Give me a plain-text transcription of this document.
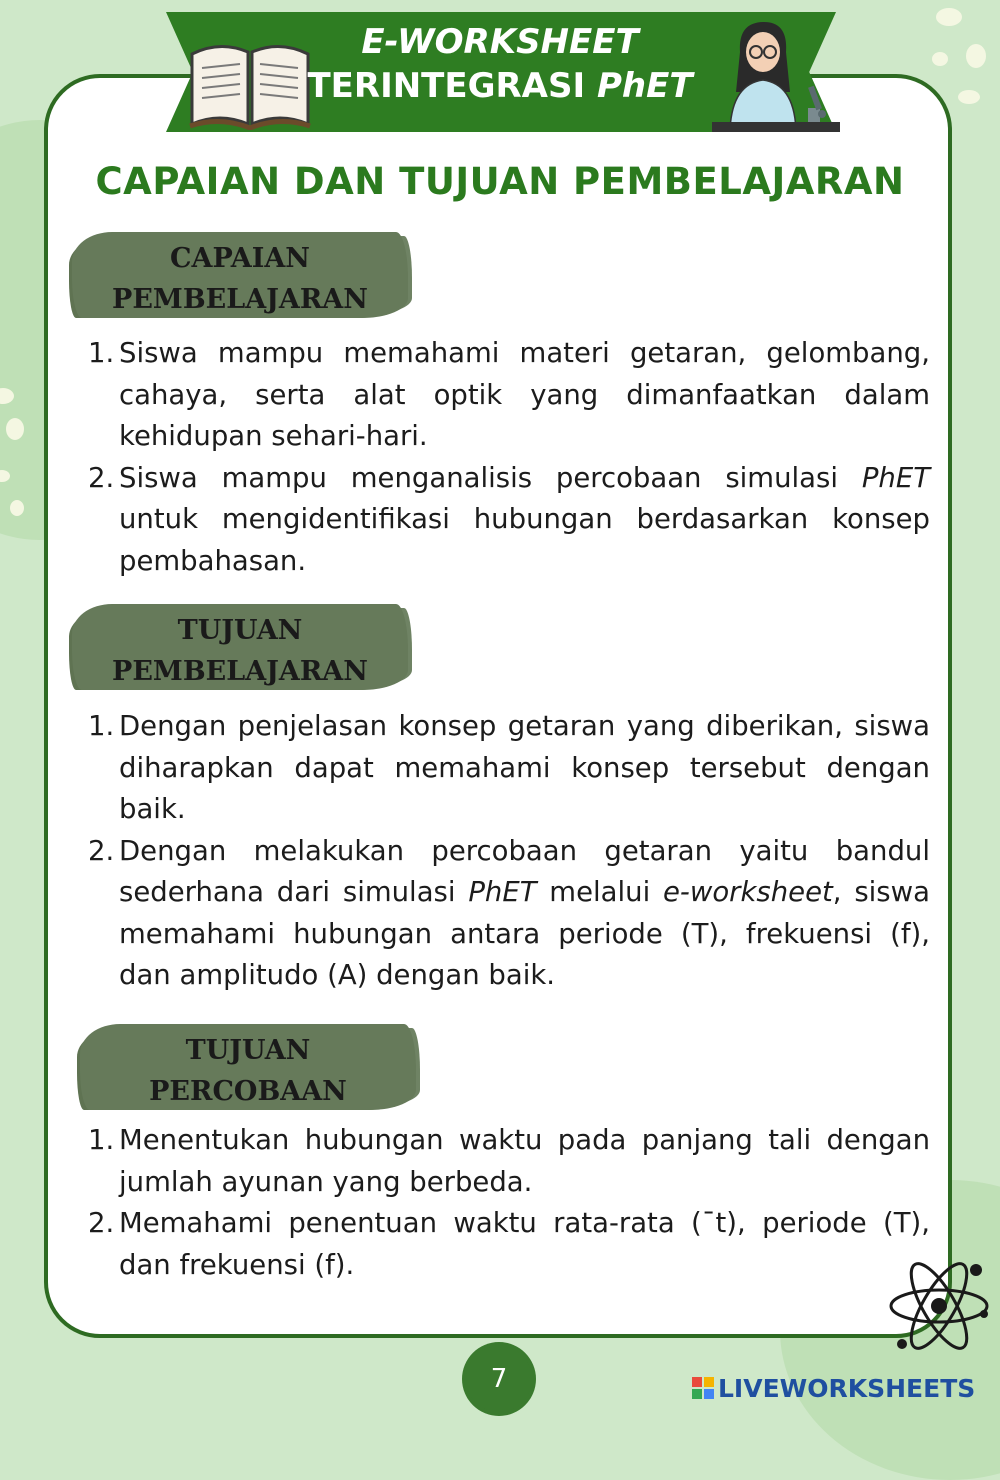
E-WORKSHEET
TERINTEGRASI PhET
CAPAIAN DAN TUJUAN PEMBELAJARAN
CAPAIAN
PEMBELAJARAN
1. Siswa mampu memahami materi getaran, gelombang, cahaya, serta alat optik yang dimanfaatkan dalam kehidupan sehari-hari.
2. Siswa mampu menganalisis percobaan simulasi PhET untuk mengidentifikasi hubungan berdasarkan konsep pembahasan.
TUJUAN
PEMBELAJARAN
1. Dengan penjelasan konsep getaran yang diberikan, siswa diharapkan dapat memahami konsep tersebut dengan baik.
2. Dengan melakukan percobaan getaran yaitu bandul sederhana dari simulasi PhET melalui e-worksheet, siswa memahami hubungan antara periode (T), frekuensi (f), dan amplitudo (A) dengan baik.
TUJUAN
PERCOBAAN
1. Menentukan hubungan waktu pada panjang tali dengan jumlah ayunan yang berbeda.
2. Memahami penentuan waktu rata-rata (¯t), periode (T), dan frekuensi (f).
7	LIVEWORKSHEETS
